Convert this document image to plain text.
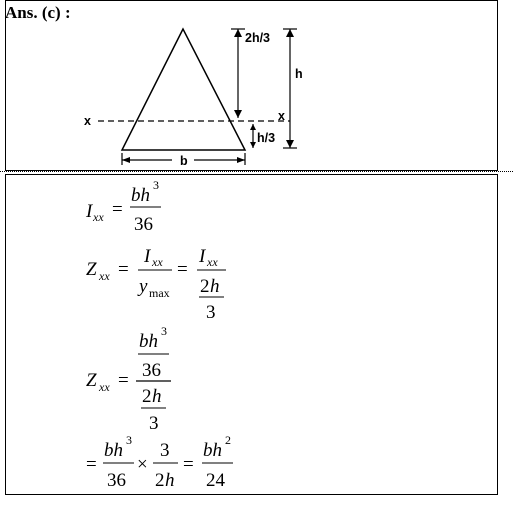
Ans. (c) :
x	x
2h/3
h
h/3
b
I xx =
bh 3
36
Z xx =
I xx
y max
=
I xx
2 h
3
Z xx =
bh 3
36
2 h
3
=
bh 3
36
×
3
2 h
=
bh 2
24
